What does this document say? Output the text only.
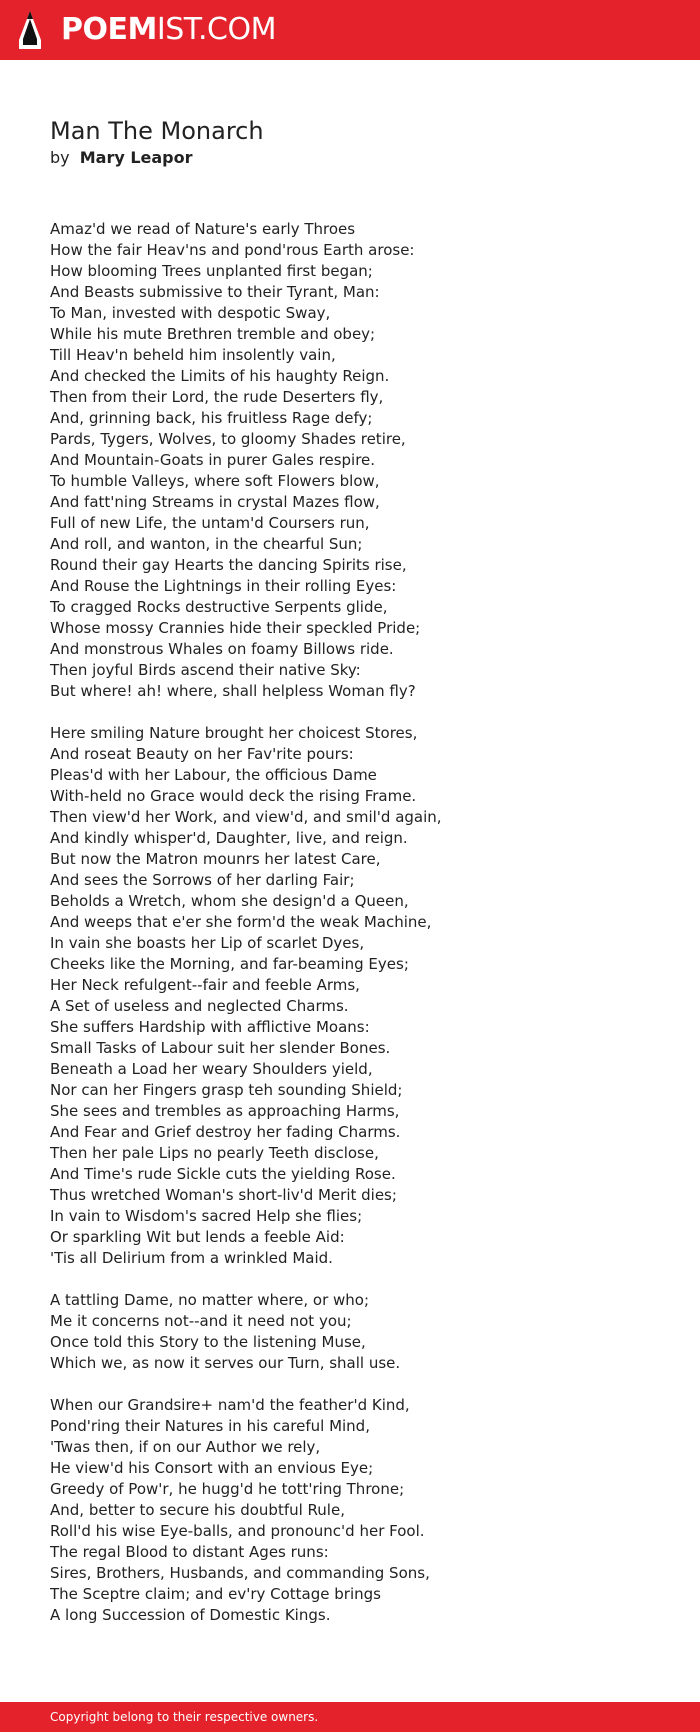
POEMIST.COM
Man The Monarch
by Mary Leapor
Amaz'd we read of Nature's early Throes
How the fair Heav'ns and pond'rous Earth arose:
How blooming Trees unplanted first began;
And Beasts submissive to their Tyrant, Man:
To Man, invested with despotic Sway,
While his mute Brethren tremble and obey;
Till Heav'n beheld him insolently vain,
And checked the Limits of his haughty Reign.
Then from their Lord, the rude Deserters fly,
And, grinning back, his fruitless Rage defy;
Pards, Tygers, Wolves, to gloomy Shades retire,
And Mountain-Goats in purer Gales respire.
To humble Valleys, where soft Flowers blow,
And fatt'ning Streams in crystal Mazes flow,
Full of new Life, the untam'd Coursers run,
And roll, and wanton, in the chearful Sun;
Round their gay Hearts the dancing Spirits rise,
And Rouse the Lightnings in their rolling Eyes:
To cragged Rocks destructive Serpents glide,
Whose mossy Crannies hide their speckled Pride;
And monstrous Whales on foamy Billows ride.
Then joyful Birds ascend their native Sky:
But where! ah! where, shall helpless Woman fly?
Here smiling Nature brought her choicest Stores,
And roseat Beauty on her Fav'rite pours:
Pleas'd with her Labour, the officious Dame
With-held no Grace would deck the rising Frame.
Then view'd her Work, and view'd, and smil'd again,
And kindly whisper'd, Daughter, live, and reign.
But now the Matron mounrs her latest Care,
And sees the Sorrows of her darling Fair;
Beholds a Wretch, whom she design'd a Queen,
And weeps that e'er she form'd the weak Machine,
In vain she boasts her Lip of scarlet Dyes,
Cheeks like the Morning, and far-beaming Eyes;
Her Neck refulgent--fair and feeble Arms,
A Set of useless and neglected Charms.
She suffers Hardship with afflictive Moans:
Small Tasks of Labour suit her slender Bones.
Beneath a Load her weary Shoulders yield,
Nor can her Fingers grasp teh sounding Shield;
She sees and trembles as approaching Harms,
And Fear and Grief destroy her fading Charms.
Then her pale Lips no pearly Teeth disclose,
And Time's rude Sickle cuts the yielding Rose.
Thus wretched Woman's short-liv'd Merit dies;
In vain to Wisdom's sacred Help she flies;
Or sparkling Wit but lends a feeble Aid:
'Tis all Delirium from a wrinkled Maid.
A tattling Dame, no matter where, or who;
Me it concerns not--and it need not you;
Once told this Story to the listening Muse,
Which we, as now it serves our Turn, shall use.
When our Grandsire+ nam'd the feather'd Kind,
Pond'ring their Natures in his careful Mind,
'Twas then, if on our Author we rely,
He view'd his Consort with an envious Eye;
Greedy of Pow'r, he hugg'd he tott'ring Throne;
And, better to secure his doubtful Rule,
Roll'd his wise Eye-balls, and pronounc'd her Fool.
The regal Blood to distant Ages runs:
Sires, Brothers, Husbands, and commanding Sons,
The Sceptre claim; and ev'ry Cottage brings
A long Succession of Domestic Kings.
Copyright belong to their respective owners.
